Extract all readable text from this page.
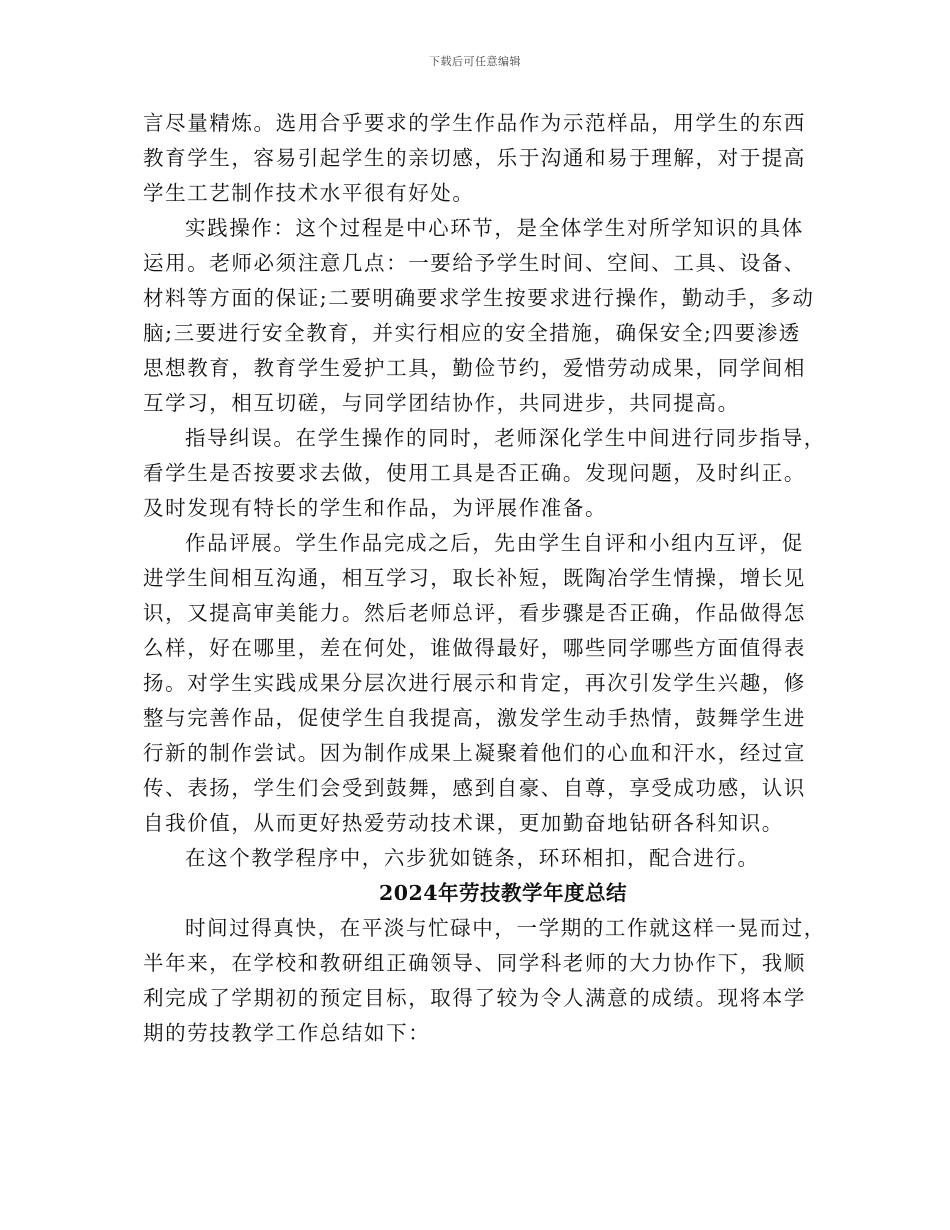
下载后可任意编辑
言尽量精炼。选用合乎要求的学生作品作为示范样品，用学生的东西
教育学生，容易引起学生的亲切感，乐于沟通和易于理解，对于提高
学生工艺制作技术水平很有好处。
实践操作：这个过程是中心环节，是全体学生对所学知识的具体
运用。老师必须注意几点：一要给予学生时间、空间、工具、设备、
材料等方面的保证;二要明确要求学生按要求进行操作，勤动手，多动
脑;三要进行安全教育，并实行相应的安全措施，确保安全;四要渗透
思想教育，教育学生爱护工具，勤俭节约，爱惜劳动成果，同学间相
互学习，相互切磋，与同学团结协作，共同进步，共同提高。
指导纠误。在学生操作的同时，老师深化学生中间进行同步指导，
看学生是否按要求去做，使用工具是否正确。发现问题，及时纠正。
及时发现有特长的学生和作品，为评展作准备。
作品评展。学生作品完成之后，先由学生自评和小组内互评，促
进学生间相互沟通，相互学习，取长补短，既陶冶学生情操，增长见
识，又提高审美能力。然后老师总评，看步骤是否正确，作品做得怎
么样，好在哪里，差在何处，谁做得最好，哪些同学哪些方面值得表
扬。对学生实践成果分层次进行展示和肯定，再次引发学生兴趣，修
整与完善作品，促使学生自我提高，激发学生动手热情，鼓舞学生进
行新的制作尝试。因为制作成果上凝聚着他们的心血和汗水，经过宣
传、表扬，学生们会受到鼓舞，感到自豪、自尊，享受成功感，认识
自我价值，从而更好热爱劳动技术课，更加勤奋地钻研各科知识。
在这个教学程序中，六步犹如链条，环环相扣，配合进行。
2024年劳技教学年度总结
时间过得真快，在平淡与忙碌中，一学期的工作就这样一晃而过，
半年来，在学校和教研组正确领导、同学科老师的大力协作下，我顺
利完成了学期初的预定目标，取得了较为令人满意的成绩。现将本学
期的劳技教学工作总结如下：
